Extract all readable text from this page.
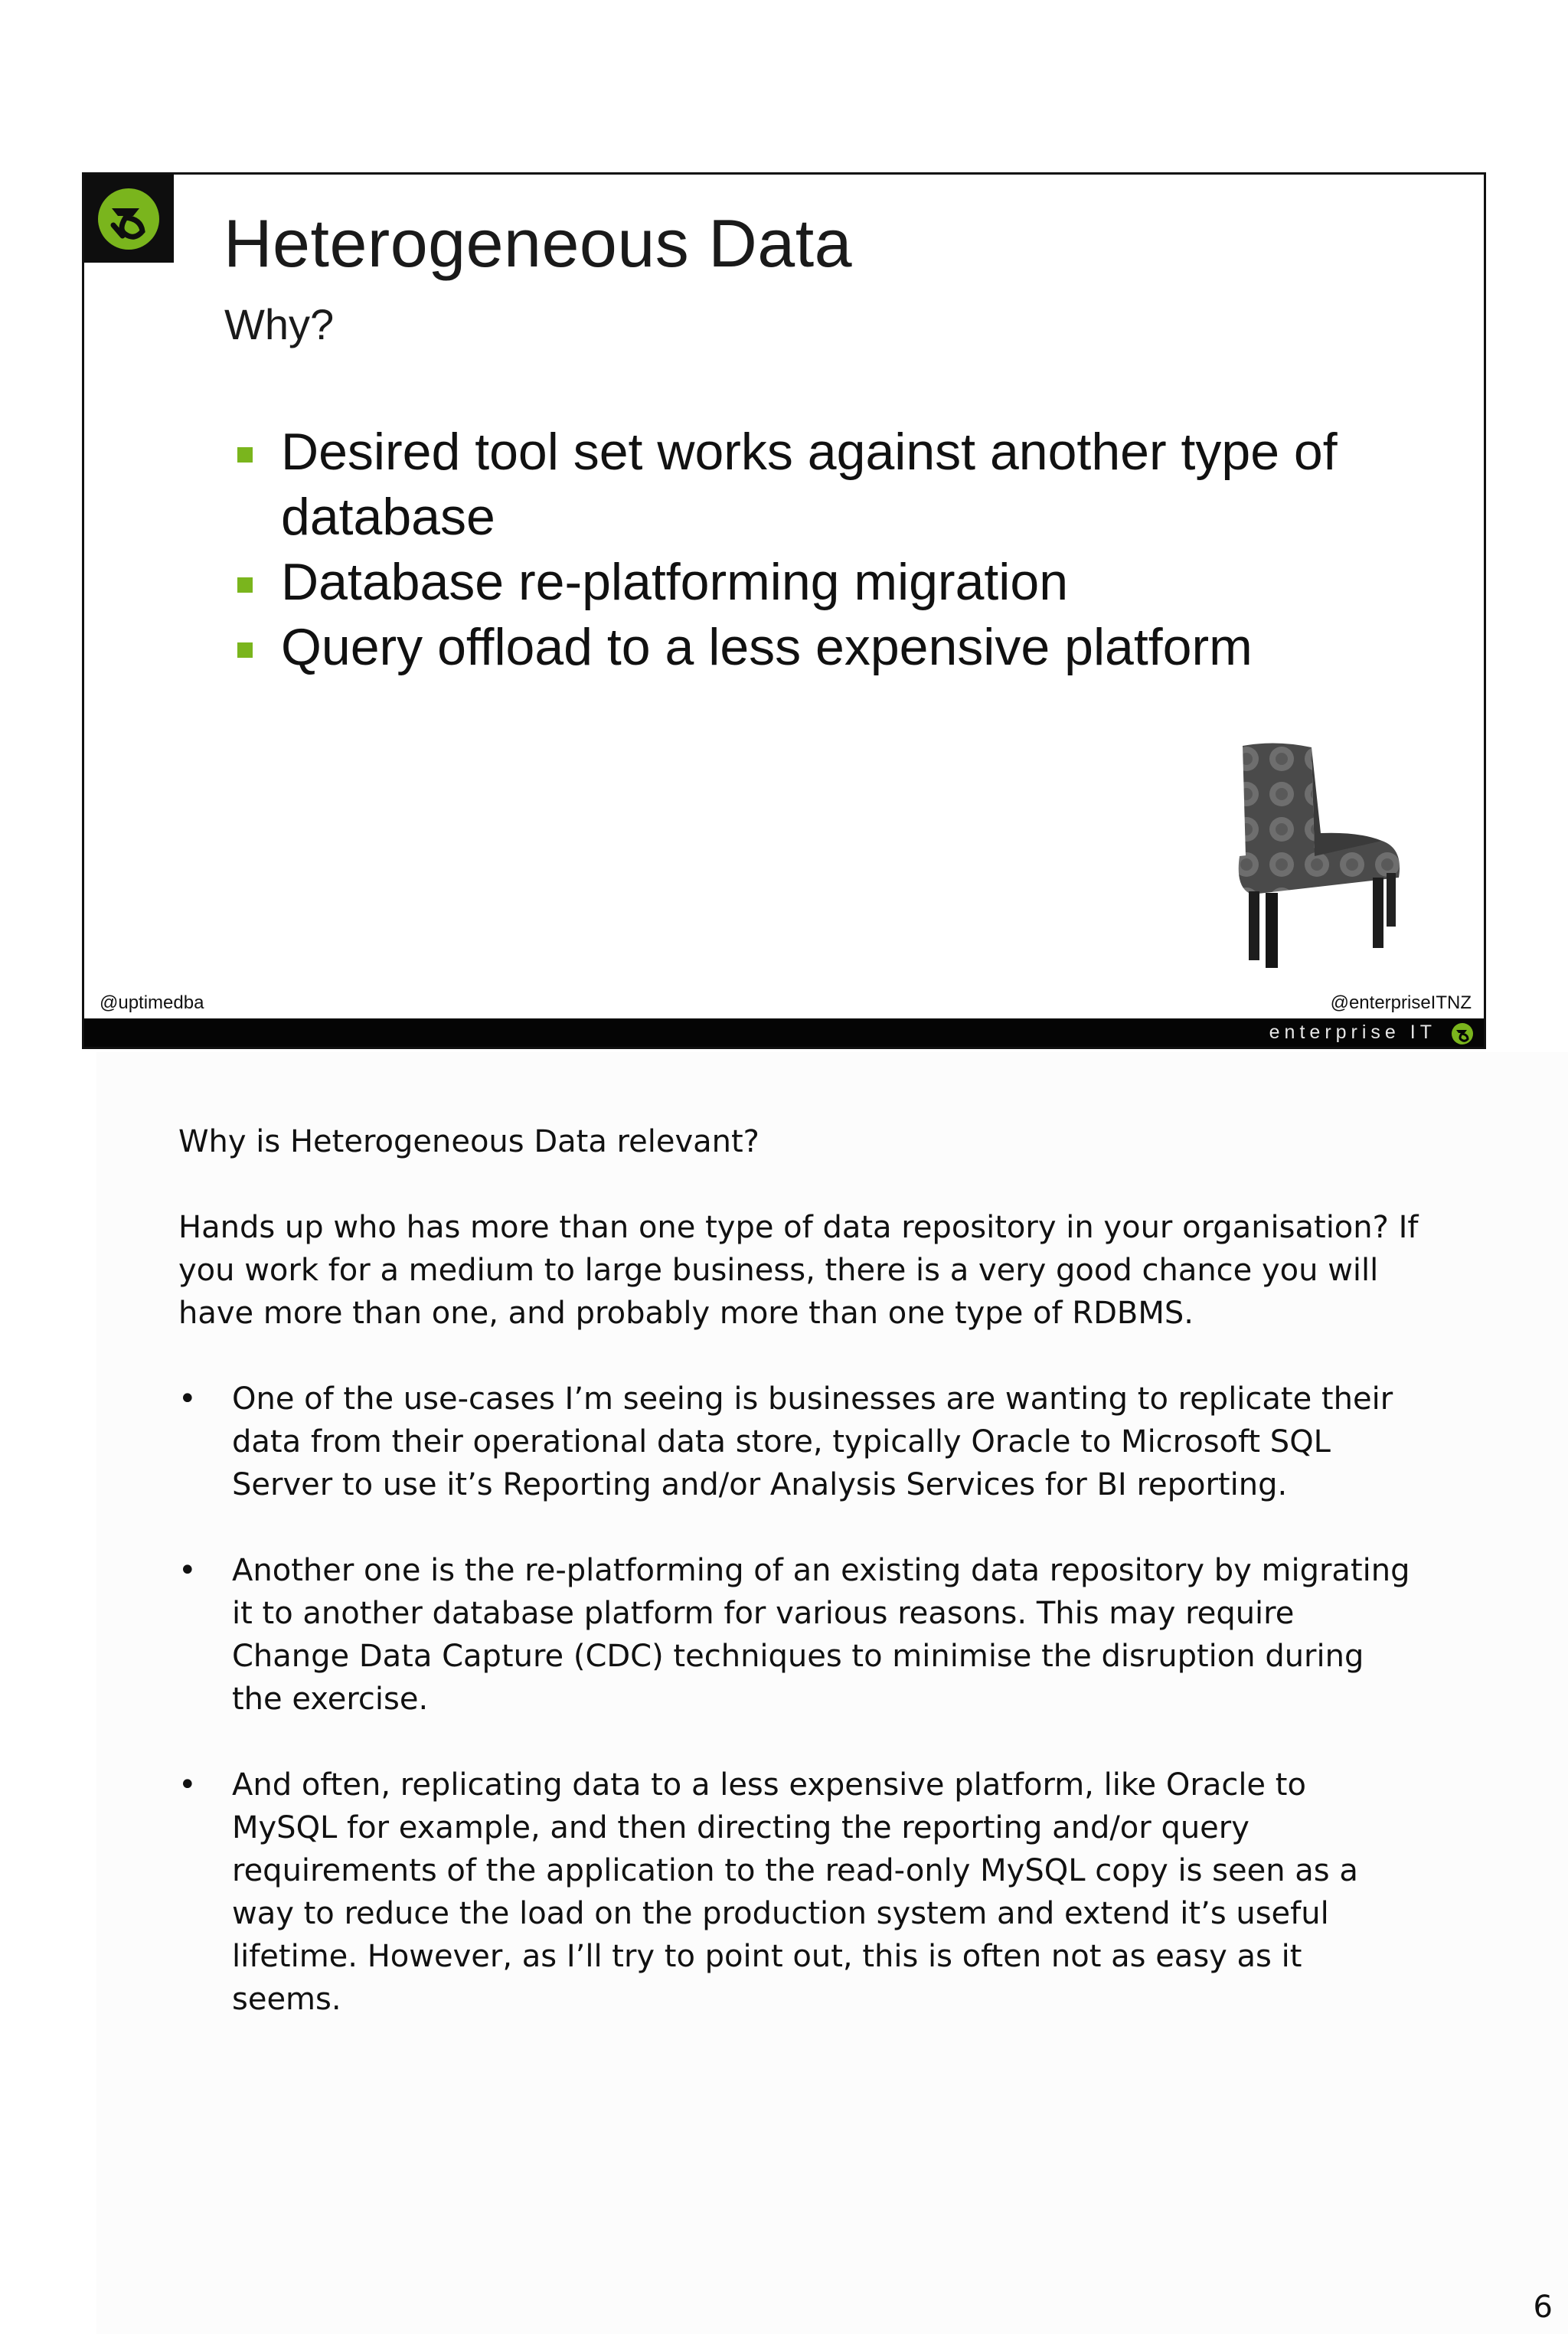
Heterogeneous Data
Why?
Desired tool set works against another type of database
Database re-platforming migration
Query offload to a less expensive platform
@uptimedba	@enterpriseITNZ
enterprise IT

Why is Heterogeneous Data relevant?

Hands up who has more than one type of data repository in your organisation? If you work for a medium to large business, there is a very good chance you will have more than one, and probably more than one type of RDBMS.

• One of the use-cases I’m seeing is businesses are wanting to replicate their data from their operational data store, typically Oracle to Microsoft SQL Server to use it’s Reporting and/or Analysis Services for BI reporting.
• Another one is the re-platforming of an existing data repository by migrating it to another database platform for various reasons. This may require Change Data Capture (CDC) techniques to minimise the disruption during the exercise.
• And often, replicating data to a less expensive platform, like Oracle to MySQL for example, and then directing the reporting and/or query requirements of the application to the read-only MySQL copy is seen as a way to reduce the load on the production system and extend it’s useful lifetime. However, as I’ll try to point out, this is often not as easy as it seems.
6
